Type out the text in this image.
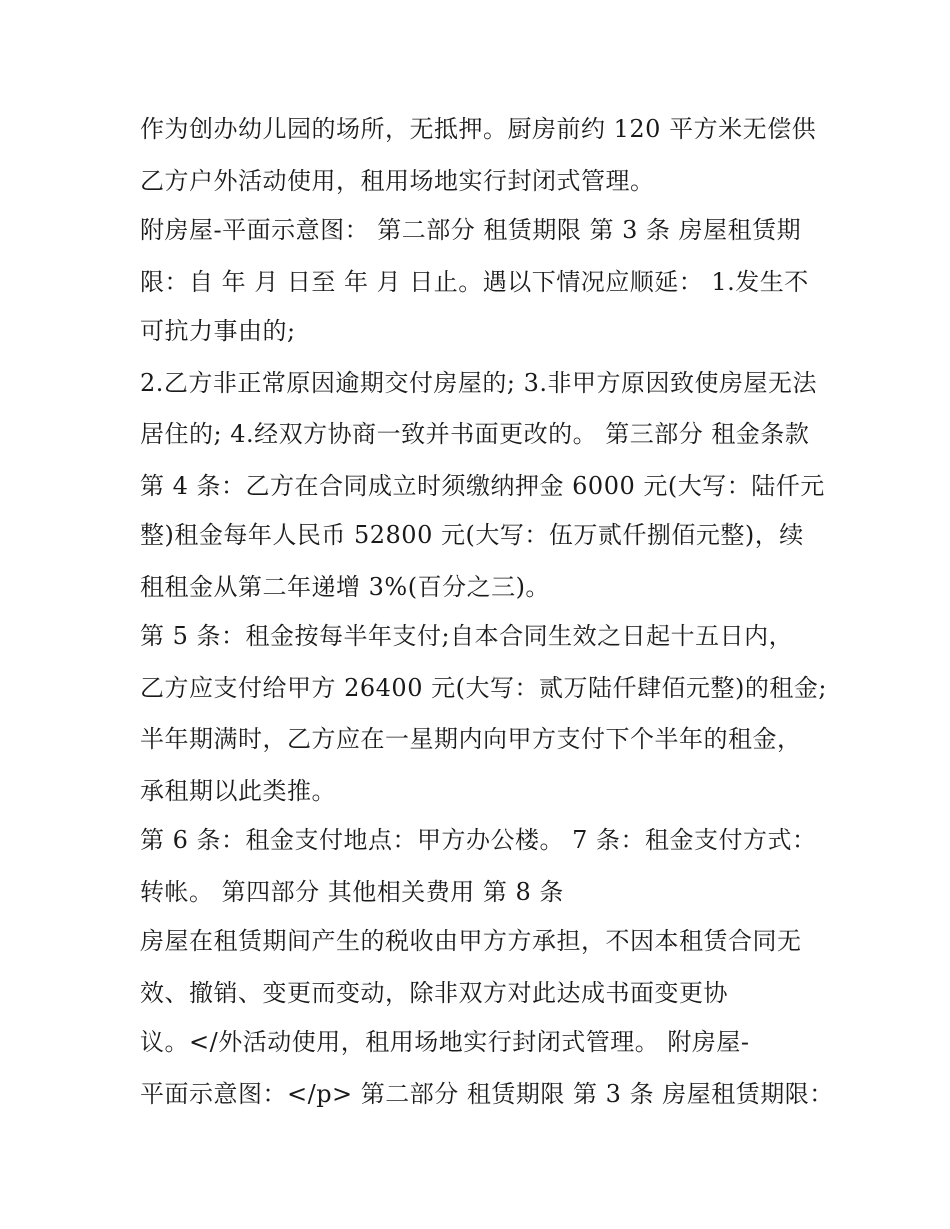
作为创办幼儿园的场所，无抵押。厨房前约 120 平方米无偿供
乙方户外活动使用，租用场地实行封闭式管理。
附房屋-平面示意图： 第二部分 租赁期限 第 3 条 房屋租赁期
限：自 年 月 日至 年 月 日止。遇以下情况应顺延： 1.发生不
可抗力事由的;
2.乙方非正常原因逾期交付房屋的; 3.非甲方原因致使房屋无法
居住的; 4.经双方协商一致并书面更改的。 第三部分 租金条款
第 4 条：乙方在合同成立时须缴纳押金 6000 元(大写：陆仟元
整)租金每年人民币 52800 元(大写：伍万贰仟捌佰元整)，续
租租金从第二年递增 3%(百分之三)。
第 5 条：租金按每半年支付;自本合同生效之日起十五日内，
乙方应支付给甲方 26400 元(大写：贰万陆仟肆佰元整)的租金;
半年期满时，乙方应在一星期内向甲方支付下个半年的租金，
承租期以此类推。
第 6 条：租金支付地点：甲方办公楼。 7 条：租金支付方式：
转帐。 第四部分 其他相关费用 第 8 条
房屋在租赁期间产生的税收由甲方方承担，不因本租赁合同无
效、撤销、变更而变动，除非双方对此达成书面变更协
议。</外活动使用，租用场地实行封闭式管理。 附房屋-
平面示意图：</p> 第二部分 租赁期限 第 3 条 房屋租赁期限：
